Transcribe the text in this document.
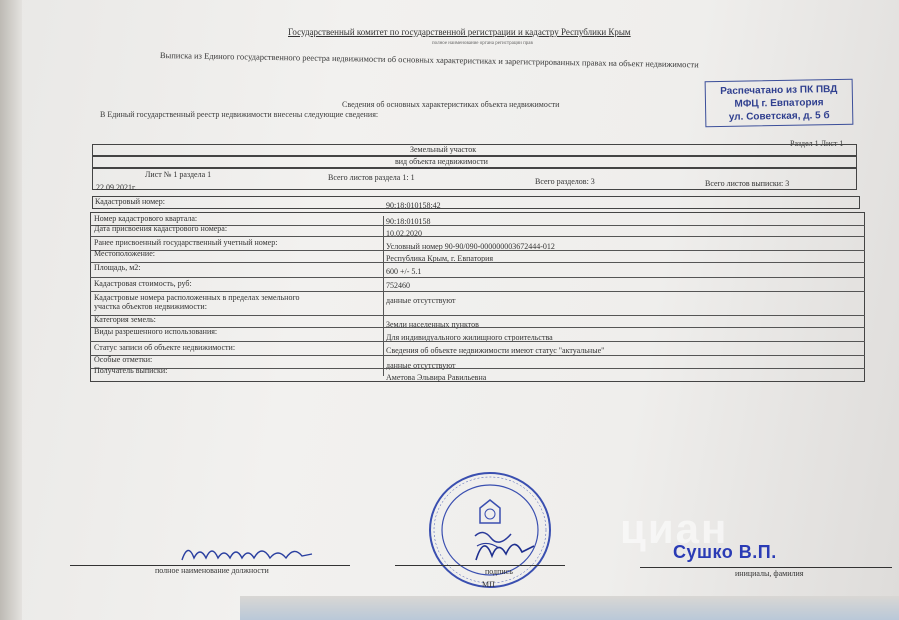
Государственный комитет по государственной регистрации и кадастру Республики Крым
полное наименование органа регистрации прав
Выписка из Единого государственного реестра недвижимости об основных характеристиках и зарегистрированных правах на объект недвижимости
Сведения об основных характеристиках объекта недвижимости
В Единый государственный реестр недвижимости внесены следующие сведения:
Распечатано из ПК ПВД
МФЦ г. Евпатория
ул. Советская, д. 5 б
Раздел 1 Лист 1
Земельный участок
вид объекта недвижимости
Лист № 1 раздела 1	Всего листов раздела 1: 1	Всего разделов: 3	Всего листов выписки: 3
22.09.2021г.
Кадастровый номер:	90:18:010158:42
Номер кадастрового квартала:	90:18:010158
Дата присвоения кадастрового номера:
10.02.2020
Ранее присвоенный государственный учетный номер:	Условный номер 90-90/090-000000003672444-012
Местоположение:
Республика Крым, г. Евпатория
Площадь, м2:	600 +/- 5.1
Кадастровая стоимость, руб:	752460
Кадастровые номера расположенных в пределах земельного
участка объектов недвижимости:
данные отсутствуют
Категория земель:
Земли населенных пунктов
Виды разрешенного использования:
Для индивидуального жилищного строительства
Статус записи об объекте недвижимости:	Сведения об объекте недвижимости имеют статус "актуальные"
Особые отметки:
данные отсутствуют
Получатель выписки:
Аметова Эльвира Равильевна
полное наименование должности	подпись	инициалы, фамилия
Сушко В.П.
МП
циан
